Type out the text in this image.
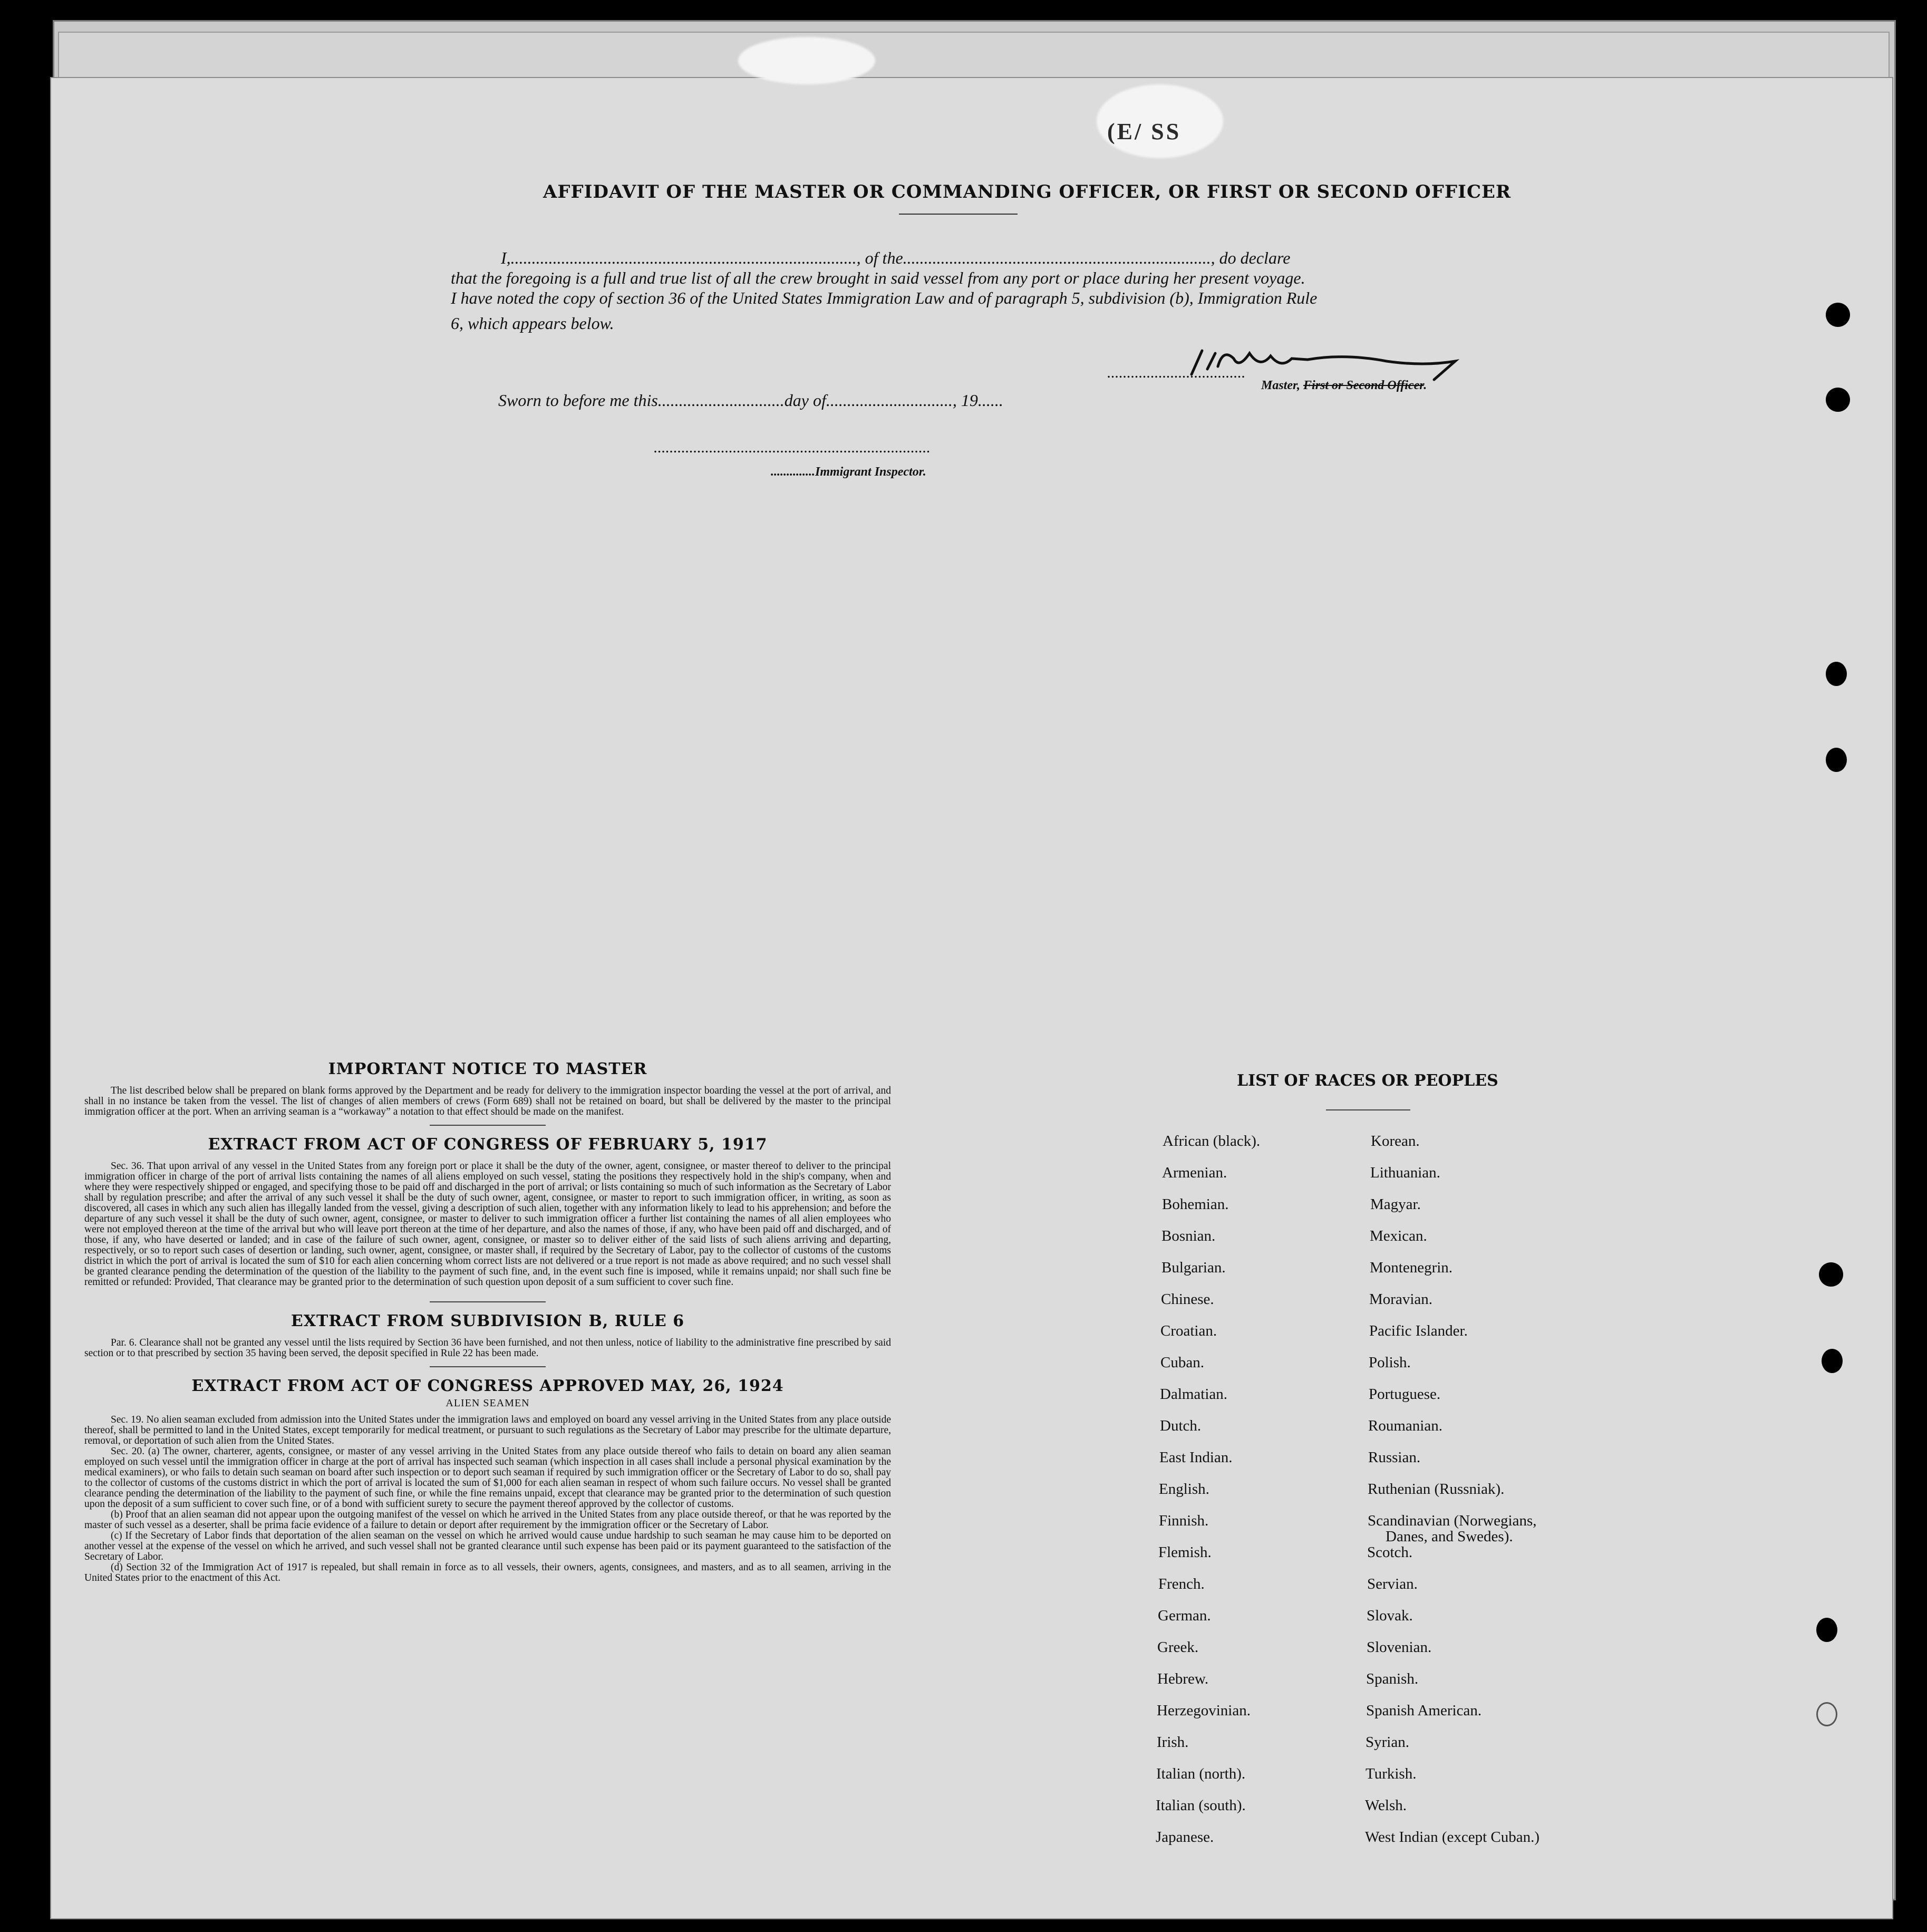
(E/ SS
AFFIDAVIT OF THE MASTER OR COMMANDING OFFICER, OR FIRST OR SECOND OFFICER
I,.................................................................................., of the........................................................................., do declare
that the foregoing is a full and true list of all the crew brought in said vessel from any port or place during her present voyage.
I have noted the copy of section 36 of the United States Immigration Law and of paragraph 5, subdivision (b), Immigration Rule
6, which appears below.
...................................
Master, First or Second Officer.
Sworn to before me this..............................day of.............................., 19......
......................................................................
..............Immigrant Inspector.

IMPORTANT NOTICE TO MASTER

The list described below shall be prepared on blank forms approved by the Department and be ready for delivery to the immigration inspector boarding the vessel at the port of arrival, and shall in no instance be taken from the vessel. The list of changes of alien members of crews (Form 689) shall not be retained on board, but shall be delivered by the master to the principal immigration officer at the port. When an arriving seaman is a “workaway” a notation to that effect should be made on the manifest.

EXTRACT FROM ACT OF CONGRESS OF FEBRUARY 5, 1917

Sec. 36. That upon arrival of any vessel in the United States from any foreign port or place it shall be the duty of the owner, agent, consignee, or master thereof to deliver to the principal immigration officer in charge of the port of arrival lists containing the names of all aliens employed on such vessel, stating the positions they respectively hold in the ship's company, when and where they were respectively shipped or engaged, and specifying those to be paid off and discharged in the port of arrival; or lists containing so much of such information as the Secretary of Labor shall by regulation prescribe; and after the arrival of any such vessel it shall be the duty of such owner, agent, consignee, or master to report to such immigration officer, in writing, as soon as discovered, all cases in which any such alien has illegally landed from the vessel, giving a description of such alien, together with any information likely to lead to his apprehension; and before the departure of any such vessel it shall be the duty of such owner, agent, consignee, or master to deliver to such immigration officer a further list containing the names of all alien employees who were not employed thereon at the time of the arrival but who will leave port thereon at the time of her departure, and also the names of those, if any, who have been paid off and discharged, and of those, if any, who have deserted or landed; and in case of the failure of such owner, agent, consignee, or master so to deliver either of the said lists of such aliens arriving and departing, respectively, or so to report such cases of desertion or landing, such owner, agent, consignee, or master shall, if required by the Secretary of Labor, pay to the collector of customs of the customs district in which the port of arrival is located the sum of $10 for each alien concerning whom correct lists are not delivered or a true report is not made as above required; and no such vessel shall be granted clearance pending the determination of the question of the liability to the payment of such fine, and, in the event such fine is imposed, while it remains unpaid; nor shall such fine be remitted or refunded: Provided, That clearance may be granted prior to the determination of such question upon deposit of a sum sufficient to cover such fine.

EXTRACT FROM SUBDIVISION B, RULE 6

Par. 6. Clearance shall not be granted any vessel until the lists required by Section 36 have been furnished, and not then unless, notice of liability to the administrative fine prescribed by said section or to that prescribed by section 35 having been served, the deposit specified in Rule 22 has been made.

EXTRACT FROM ACT OF CONGRESS APPROVED MAY, 26, 1924

ALIEN SEAMEN

Sec. 19. No alien seaman excluded from admission into the United States under the immigration laws and employed on board any vessel arriving in the United States from any place outside thereof, shall be permitted to land in the United States, except temporarily for medical treatment, or pursuant to such regulations as the Secretary of Labor may prescribe for the ultimate departure, removal, or deportation of such alien from the United States.

Sec. 20. (a) The owner, charterer, agents, consignee, or master of any vessel arriving in the United States from any place outside thereof who fails to detain on board any alien seaman employed on such vessel until the immigration officer in charge at the port of arrival has inspected such seaman (which inspection in all cases shall include a personal physical examination by the medical examiners), or who fails to detain such seaman on board after such inspection or to deport such seaman if required by such immigration officer or the Secretary of Labor to do so, shall pay to the collector of customs of the customs district in which the port of arrival is located the sum of $1,000 for each alien seaman in respect of whom such failure occurs. No vessel shall be granted clearance pending the determination of the liability to the payment of such fine, or while the fine remains unpaid, except that clearance may be granted prior to the determination of such question upon the deposit of a sum sufficient to cover such fine, or of a bond with sufficient surety to secure the payment thereof approved by the collector of customs.

(b) Proof that an alien seaman did not appear upon the outgoing manifest of the vessel on which he arrived in the United States from any place outside thereof, or that he was reported by the master of such vessel as a deserter, shall be prima facie evidence of a failure to detain or deport after requirement by the immigration officer or the Secretary of Labor.

(c) If the Secretary of Labor finds that deportation of the alien seaman on the vessel on which he arrived would cause undue hardship to such seaman he may cause him to be deported on another vessel at the expense of the vessel on which he arrived, and such vessel shall not be granted clearance until such expense has been paid or its payment guaranteed to the satisfaction of the Secretary of Labor.

(d) Section 32 of the Immigration Act of 1917 is repealed, but shall remain in force as to all vessels, their owners, agents, consignees, and masters, and as to all seamen, arriving in the United States prior to the enactment of this Act.

LIST OF RACES OR PEOPLES
African (black).
Armenian.
Bohemian.
Bosnian.
Bulgarian.
Chinese.
Croatian.
Cuban.
Dalmatian.
Dutch.
East Indian.
English.
Finnish.
Flemish.
French.
German.
Greek.
Hebrew.
Herzegovinian.
Irish.
Italian (north).
Italian (south).
Japanese.
Korean.
Lithuanian.
Magyar.
Mexican.
Montenegrin.
Moravian.
Pacific Islander.
Polish.
Portuguese.
Roumanian.
Russian.
Ruthenian (Russniak).
Scandinavian (Norwegians,
Danes, and Swedes).
Scotch.
Servian.
Slovak.
Slovenian.
Spanish.
Spanish American.
Syrian.
Turkish.
Welsh.
West Indian (except Cuban.)
